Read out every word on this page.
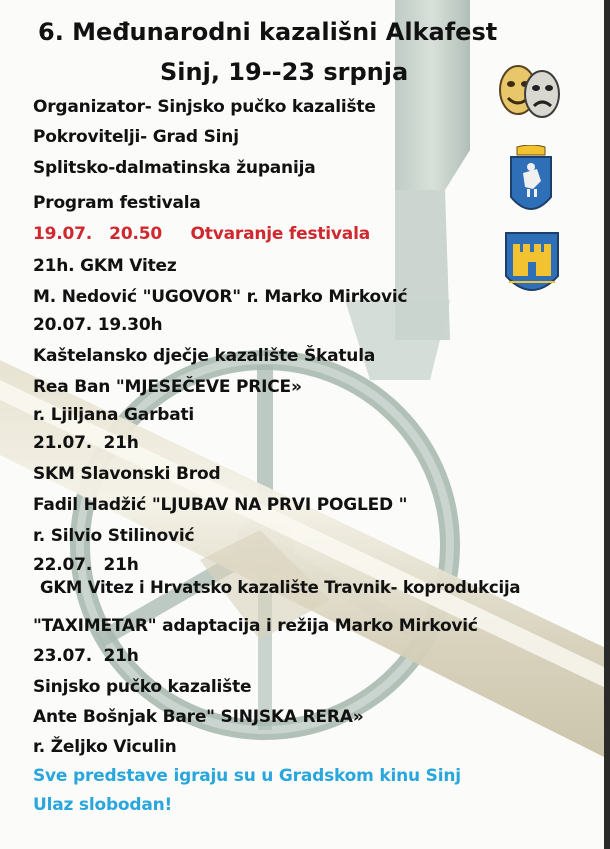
6. Međunarodni kazališni Alkafest
Sinj, 19--23 srpnja
Organizator- Sinjsko pučko kazalište
Pokrovitelji- Grad Sinj
Splitsko-dalmatinska županija
Program festivala
19.07.   20.50     Otvaranje festivala
21h. GKM Vitez
M. Nedović "UGOVOR" r. Marko Mirković
20.07. 19.30h
Kaštelansko dječje kazalište Škatula
Rea Ban "MJESEČEVE PRICE»
r. Ljiljana Garbati
21.07.  21h
SKM Slavonski Brod
Fadil Hadžić "LJUBAV NA PRVI POGLED "
r. Silvio Stilinović
22.07.  21h
GKM Vitez i Hrvatsko kazalište Travnik- koprodukcija
"TAXIMETAR" adaptacija i režija Marko Mirković
23.07.  21h
Sinjsko pučko kazalište
Ante Bošnjak Bare" SINJSKA RERA»
r. Željko Viculin
Sve predstave igraju su u Gradskom kinu Sinj
Ulaz slobodan!
